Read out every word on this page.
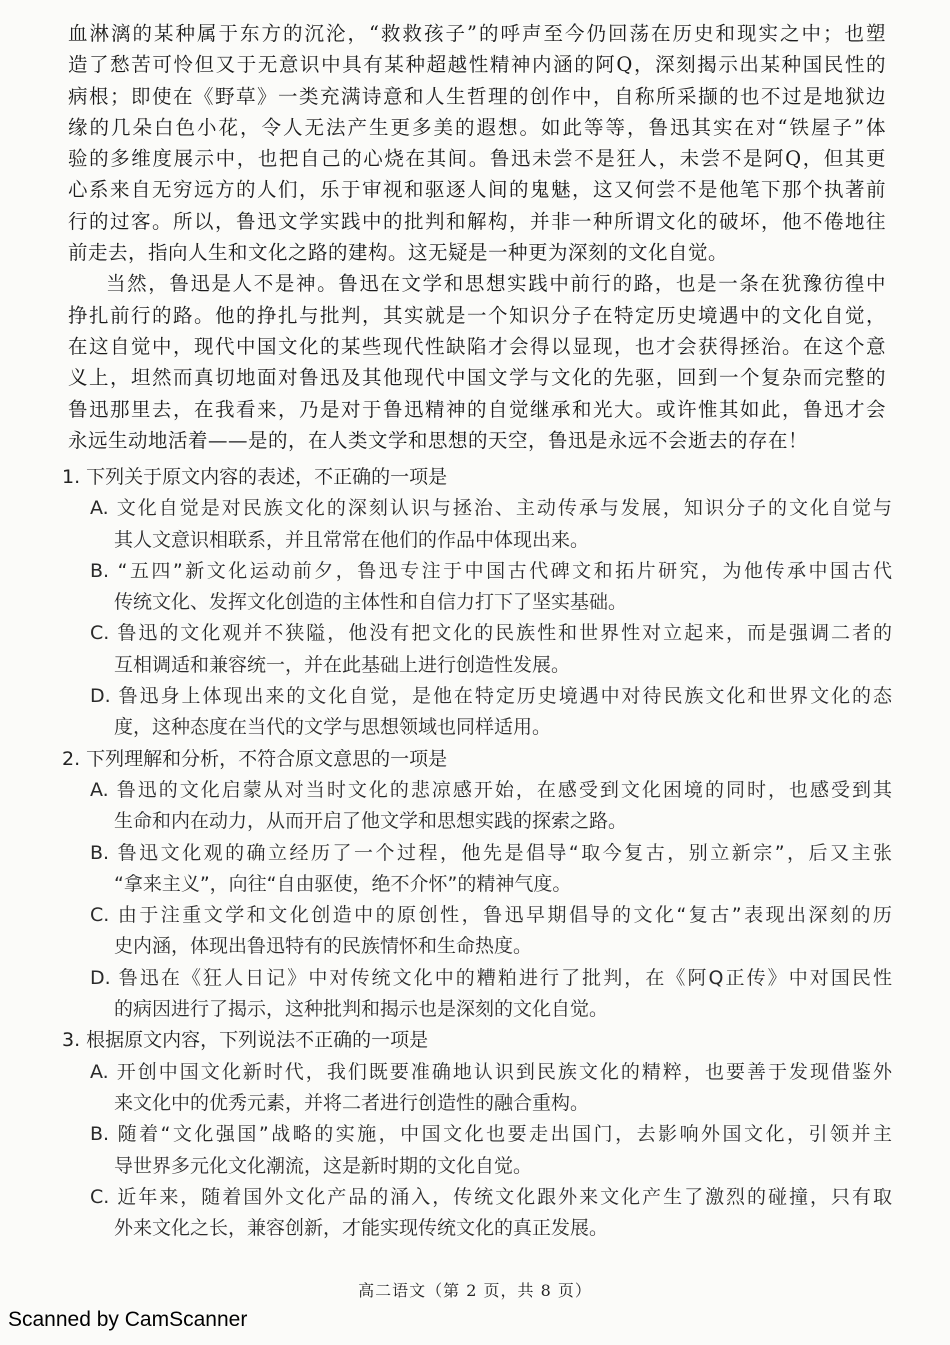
血淋漓的某种属于东方的沉沦，“救救孩子”的呼声至今仍回荡在历史和现实之中；也塑
造了愁苦可怜但又于无意识中具有某种超越性精神内涵的阿Q，深刻揭示出某种国民性的
病根；即使在《野草》一类充满诗意和人生哲理的创作中，自称所采撷的也不过是地狱边
缘的几朵白色小花，令人无法产生更多美的遐想。如此等等，鲁迅其实在对“铁屋子”体
验的多维度展示中，也把自己的心烧在其间。鲁迅未尝不是狂人，未尝不是阿Q，但其更
心系来自无穷远方的人们，乐于审视和驱逐人间的鬼魅，这又何尝不是他笔下那个执著前
行的过客。所以，鲁迅文学实践中的批判和解构，并非一种所谓文化的破坏，他不倦地往
前走去，指向人生和文化之路的建构。这无疑是一种更为深刻的文化自觉。
当然，鲁迅是人不是神。鲁迅在文学和思想实践中前行的路，也是一条在犹豫彷徨中
挣扎前行的路。他的挣扎与批判，其实就是一个知识分子在特定历史境遇中的文化自觉，
在这自觉中，现代中国文化的某些现代性缺陷才会得以显现，也才会获得拯治。在这个意
义上，坦然而真切地面对鲁迅及其他现代中国文学与文化的先驱，回到一个复杂而完整的
鲁迅那里去，在我看来，乃是对于鲁迅精神的自觉继承和光大。或许惟其如此，鲁迅才会
永远生动地活着——是的，在人类文学和思想的天空，鲁迅是永远不会逝去的存在！
1. 下列关于原文内容的表述，不正确的一项是
A. 文化自觉是对民族文化的深刻认识与拯治、主动传承与发展，知识分子的文化自觉与
其人文意识相联系，并且常常在他们的作品中体现出来。
B. “五四”新文化运动前夕，鲁迅专注于中国古代碑文和拓片研究，为他传承中国古代
传统文化、发挥文化创造的主体性和自信力打下了坚实基础。
C. 鲁迅的文化观并不狭隘，他没有把文化的民族性和世界性对立起来，而是强调二者的
互相调适和兼容统一，并在此基础上进行创造性发展。
D. 鲁迅身上体现出来的文化自觉，是他在特定历史境遇中对待民族文化和世界文化的态
度，这种态度在当代的文学与思想领域也同样适用。
2. 下列理解和分析，不符合原文意思的一项是
A. 鲁迅的文化启蒙从对当时文化的悲凉感开始，在感受到文化困境的同时，也感受到其
生命和内在动力，从而开启了他文学和思想实践的探索之路。
B. 鲁迅文化观的确立经历了一个过程，他先是倡导“取今复古，别立新宗”，后又主张
“拿来主义”，向往“自由驱使，绝不介怀”的精神气度。
C. 由于注重文学和文化创造中的原创性，鲁迅早期倡导的文化“复古”表现出深刻的历
史内涵，体现出鲁迅特有的民族情怀和生命热度。
D. 鲁迅在《狂人日记》中对传统文化中的糟粕进行了批判，在《阿Q正传》中对国民性
的病因进行了揭示，这种批判和揭示也是深刻的文化自觉。
3. 根据原文内容，下列说法不正确的一项是
A. 开创中国文化新时代，我们既要准确地认识到民族文化的精粹，也要善于发现借鉴外
来文化中的优秀元素，并将二者进行创造性的融合重构。
B. 随着“文化强国”战略的实施，中国文化也要走出国门，去影响外国文化，引领并主
导世界多元化文化潮流，这是新时期的文化自觉。
C. 近年来，随着国外文化产品的涌入，传统文化跟外来文化产生了激烈的碰撞，只有取
外来文化之长，兼容创新，才能实现传统文化的真正发展。
高二语文（第 2 页，共 8 页）
Scanned by CamScanner
